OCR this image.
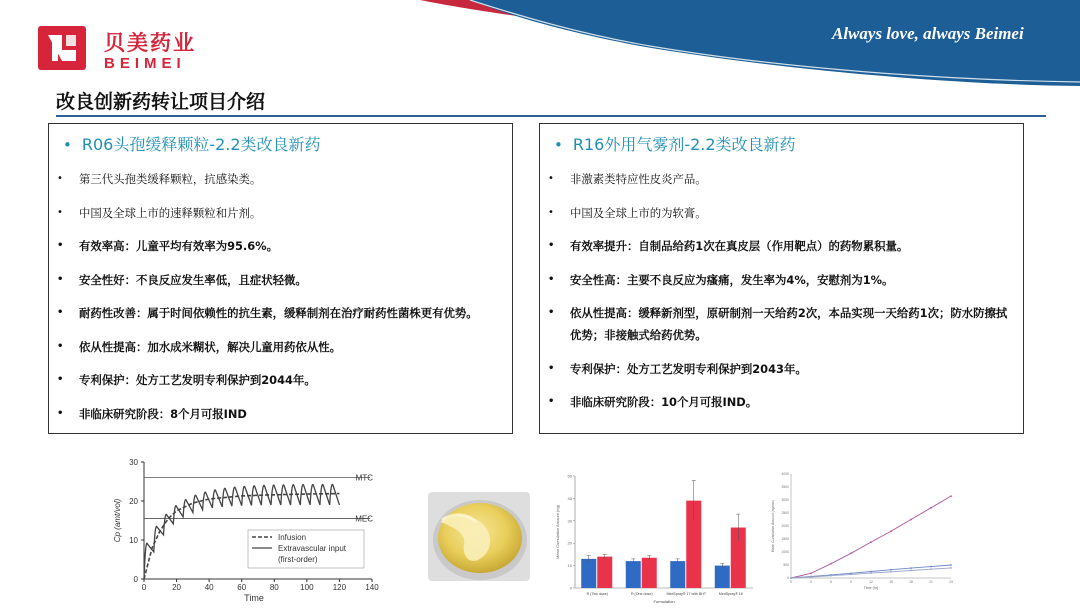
贝美药业
BEIMEI
Always love, always Beimei
改良创新药转让项目介绍
• R06头孢缓释颗粒-2.2类改良新药
• 第三代头孢类缓释颗粒，抗感染类。
• 中国及全球上市的速释颗粒和片剂。
• 有效率高：儿童平均有效率为95.6%。
• 安全性好：不良反应发生率低，且症状轻微。
• 耐药性改善：属于时间依赖性的抗生素，缓释制剂在治疗耐药性菌株更有优势。
• 依从性提高：加水成米糊状，解决儿童用药依从性。
• 专利保护：处方工艺发明专利保护到2044年。
• 非临床研究阶段：8个月可报IND
• R16外用气雾剂-2.2类改良新药
• 非激素类特应性皮炎产品。
• 中国及全球上市的为软膏。
• 有效率提升：自制品给药1次在真皮层（作用靶点）的药物累积量。
• 安全性高：主要不良反应为瘙痛，发生率为4%，安慰剂为1%。
• 依从性提高：缓释新剂型，原研制剂一天给药2次，本品实现一天给药1次；防水防擦拭优势；非接触式给药优势。
• 专利保护：处方工艺发明专利保护到2043年。
• 非临床研究阶段：10个月可报IND。
0
10
20
30
0	20	40	60	80	100 120 140
Time
Cp (amt/vol)
MTC
MEC
Infusion
Extravascular input
(first-order)
0
10
20
30
40
50
Mean Cumulative Amount (ng)
R (Two dose)	R (One dose)	MedSpray® 17 with BHT	MedSpray® 16
Formulation
0
500
1000
1500
2000
2500
3000
3500
4000
0	3	6	9	12	15	18	21	24
Time (hr)
Mean Cumulative Amount (ng/cm²)
